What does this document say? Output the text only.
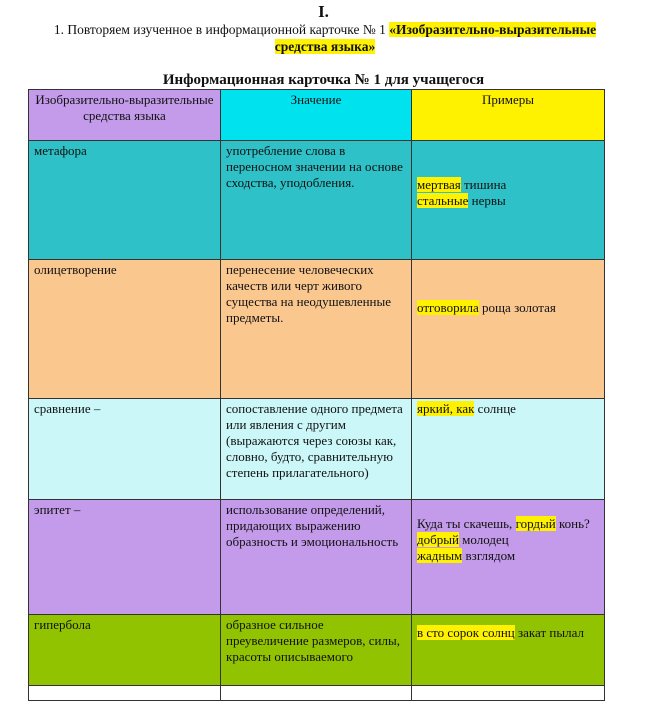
I.
1. Повторяем изученное в информационной карточке № 1 «Изобразительно-выразительные средства языка»
Информационная карточка № 1 для учащегося
Изобразительно-выразительные средства языка	Значение	Примеры
метафора	употребление слова в переносном значении на основе сходства, уподобления.	мертвая тишина
стальные нервы

олицетворение	перенесение человеческих качеств или черт живого существа на неодушевленные предметы.	отговорила роща золотая

сравнение –	сопоставление одного предмета или явления с другим (выражаются через союзы как, словно, будто, сравнительную степень прилагательного)	яркий, как солнце

эпитет –	использование определений, придающих выражению образность и эмоциональность	Куда ты скачешь, гордый конь?
добрый молодец
жадным взглядом

гипербола	образное сильное преувеличение размеров, силы, красоты описываемого	в сто сорок солнц закат пылал
